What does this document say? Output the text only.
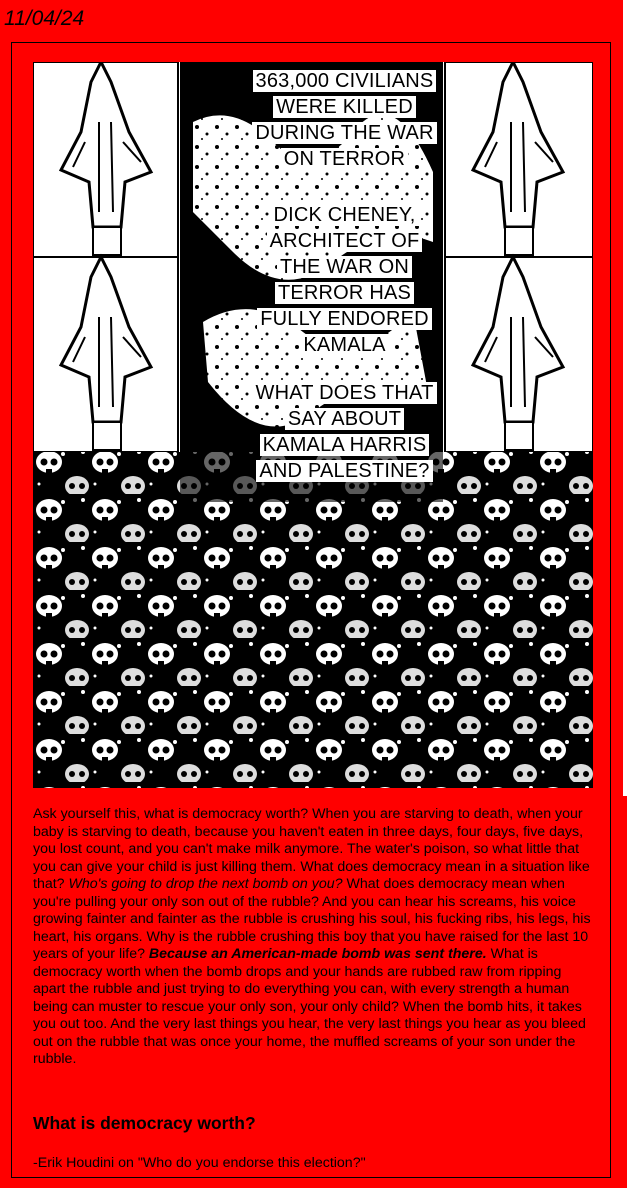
11/04/24
363,000 CIVILIANS
WERE KILLED
DURING THE WAR
ON TERROR
DICK CHENEY,
ARCHITECT OF
THE WAR ON
TERROR HAS
FULLY ENDORED
KAMALA
WHAT DOES THAT
SAY ABOUT
KAMALA HARRIS
AND PALESTINE?
Ask yourself this, what is democracy worth? When you are starving to death, when your baby is starving to death, because you haven't eaten in three days, four days, five days, you lost count, and you can't make milk anymore. The water's poison, so what little that you can give your child is just killing them. What does democracy mean in a situation like that? Who's going to drop the next bomb on you? What does democracy mean when you're pulling your only son out of the rubble? And you can hear his screams, his voice growing fainter and fainter as the rubble is crushing his soul, his fucking ribs, his legs, his heart, his organs. Why is the rubble crushing this boy that you have raised for the last 10 years of your life? Because an American-made bomb was sent there. What is democracy worth when the bomb drops and your hands are rubbed raw from ripping apart the rubble and just trying to do everything you can, with every strength a human being can muster to rescue your only son, your only child? When the bomb hits, it takes you out too. And the very last things you hear, the very last things you hear as you bleed out on the rubble that was once your home, the muffled screams of your son under the rubble.
What is democracy worth?
-Erik Houdini on "Who do you endorse this election?"
